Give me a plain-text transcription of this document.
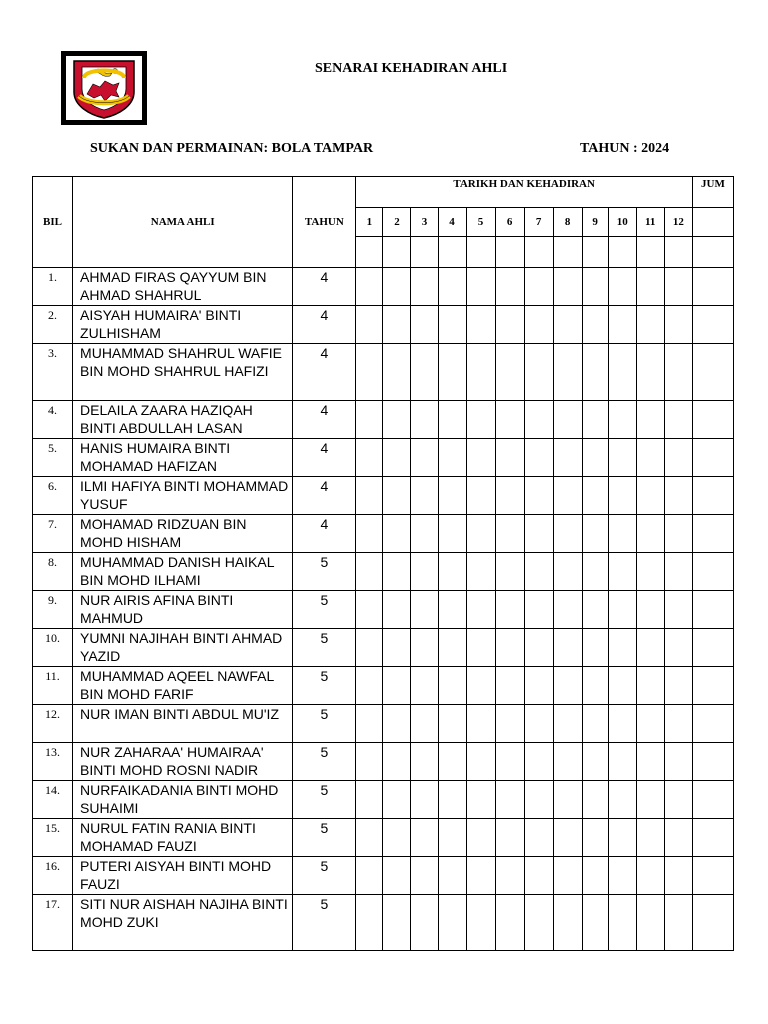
SENARAI KEHADIRAN AHLI
SUKAN DAN PERMAINAN: BOLA TAMPAR	TAHUN : 2024
BIL	NAMA AHLI	TAHUN	TARIKH DAN KEHADIRAN												JUM
			1	2	3	4	5	6	7	8	9	10	11	12	

1.	AHMAD FIRAS QAYYUM BIN AHMAD SHAHRUL	4													
2.	AISYAH HUMAIRA' BINTI ZULHISHAM	4													
3.	MUHAMMAD SHAHRUL WAFIE BIN MOHD SHAHRUL HAFIZI	4													
4.	DELAILA ZAARA HAZIQAH BINTI ABDULLAH LASAN	4													
5.	HANIS HUMAIRA BINTI MOHAMAD HAFIZAN	4													
6.	ILMI HAFIYA BINTI MOHAMMAD YUSUF	4													
7.	MOHAMAD RIDZUAN BIN MOHD HISHAM	4													
8.	MUHAMMAD DANISH HAIKAL BIN MOHD ILHAMI	5													
9.	NUR AIRIS AFINA BINTI MAHMUD	5													
10.	YUMNI NAJIHAH BINTI AHMAD YAZID	5													
11.	MUHAMMAD AQEEL NAWFAL BIN MOHD FARIF	5													
12.	NUR IMAN BINTI ABDUL MU'IZ	5													
13.	NUR ZAHARAA' HUMAIRAA' BINTI MOHD ROSNI NADIR	5													
14.	NURFAIKADANIA BINTI MOHD SUHAIMI	5													
15.	NURUL FATIN RANIA BINTI MOHAMAD FAUZI	5													
16.	PUTERI AISYAH BINTI MOHD FAUZI	5													
17.	SITI NUR AISHAH NAJIHA BINTI MOHD ZUKI	5													
